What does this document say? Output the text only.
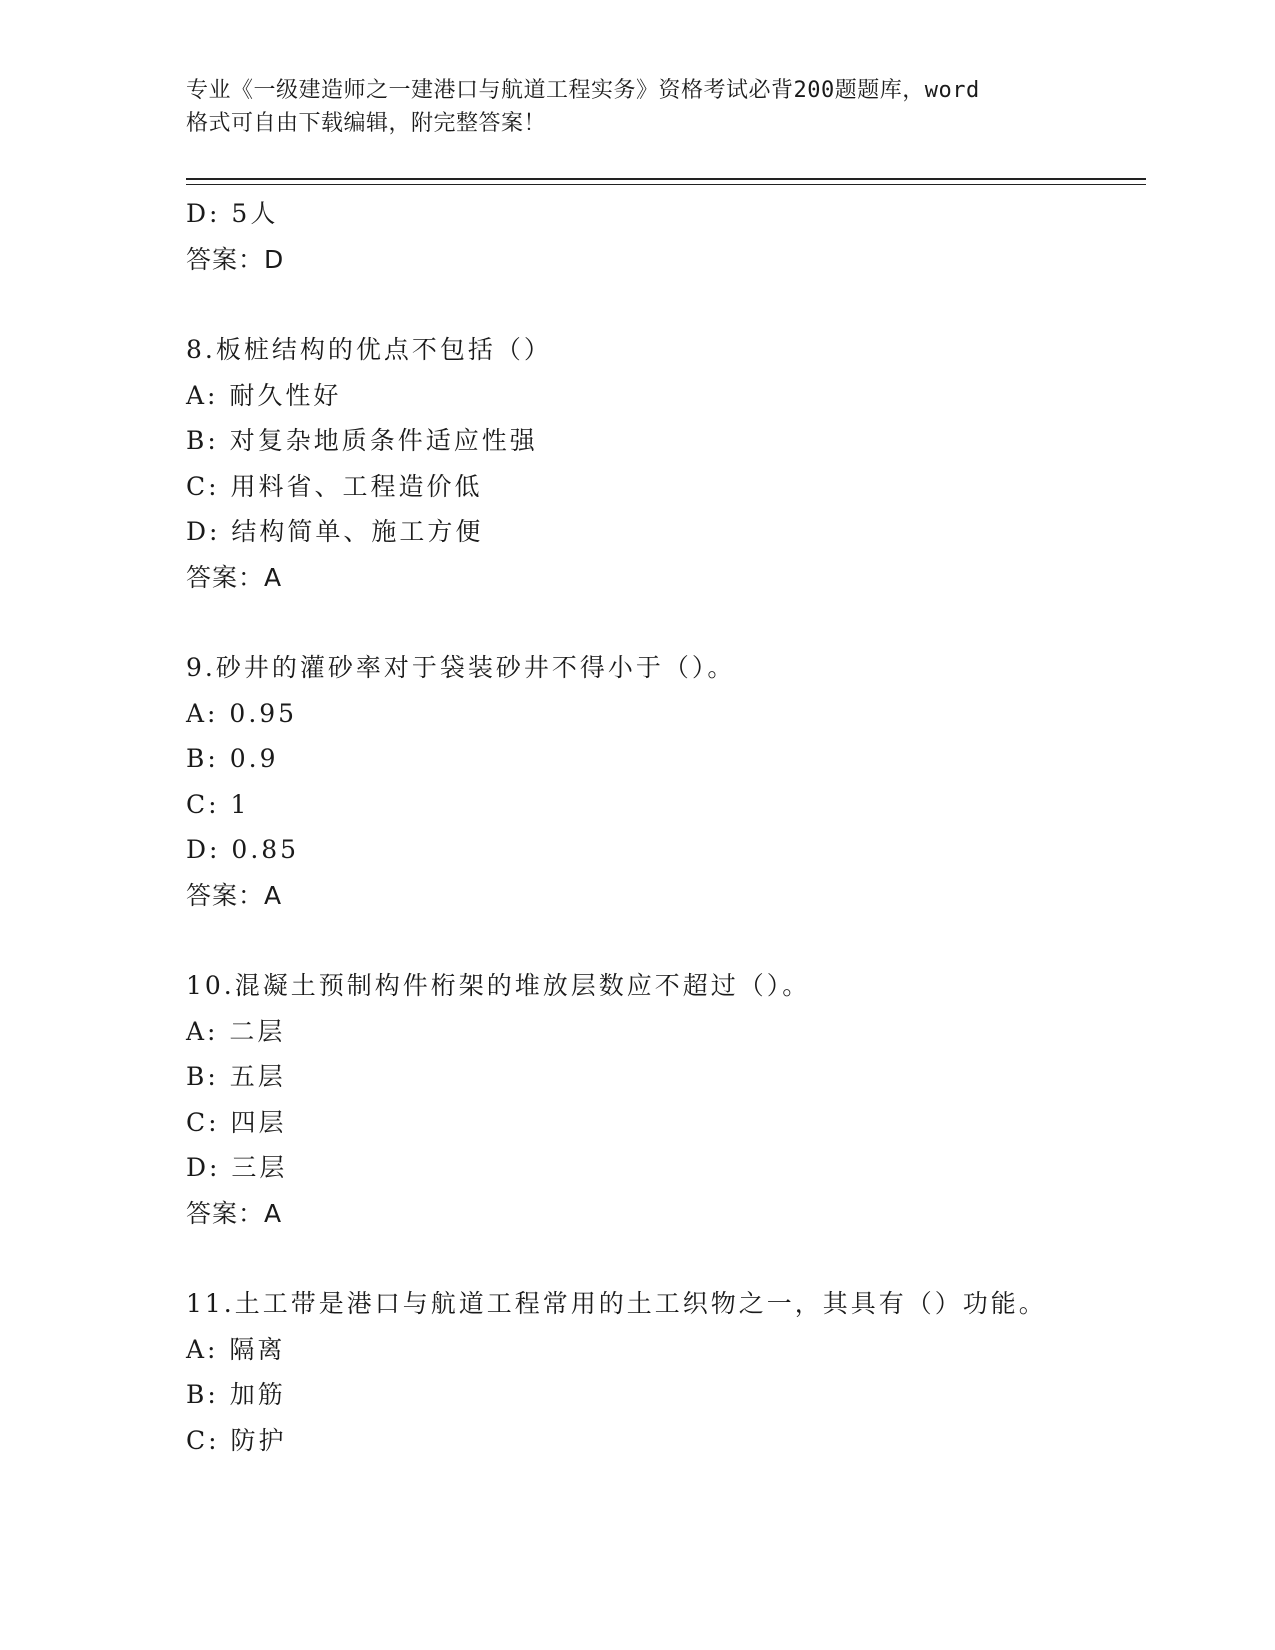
专业《一级建造师之一建港口与航道工程实务》资格考试必背200题题库，word
格式可自由下载编辑，附完整答案！
D: 5人
答案：D
8.板桩结构的优点不包括（）
A: 耐久性好
B: 对复杂地质条件适应性强
C: 用料省、工程造价低
D: 结构简单、施工方便
答案：A
9.砂井的灌砂率对于袋装砂井不得小于（）。
A: 0.95
B: 0.9
C: 1
D: 0.85
答案：A
10.混凝土预制构件桁架的堆放层数应不超过（）。
A: 二层
B: 五层
C: 四层
D: 三层
答案：A
11.土工带是港口与航道工程常用的土工织物之一，其具有（）功能。
A: 隔离
B: 加筋
C: 防护
